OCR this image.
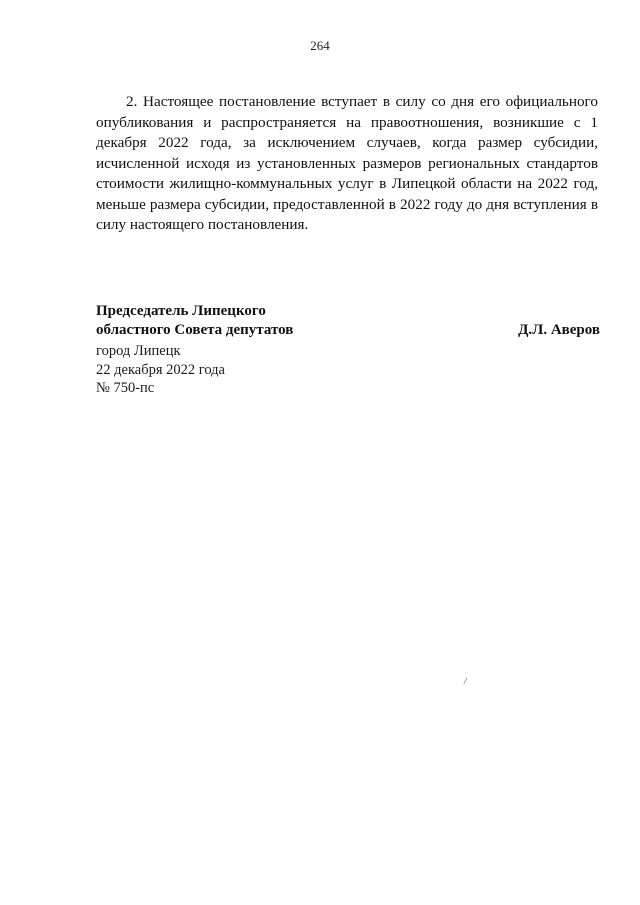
264
2. Настоящее постановление вступает в силу со дня его официального
опубликования и распространяется на правоотношения, возникшие с 1
декабря 2022 года, за исключением случаев, когда размер субсидии,
исчисленной исходя из установленных размеров региональных стандартов
стоимости жилищно-коммунальных услуг в Липецкой области на 2022 год,
меньше размера субсидии, предоставленной в 2022 году до дня вступления в
силу настоящего постановления.
Председатель Липецкого
областного Совета депутатов	Д.Л. Аверов
город Липецк
22 декабря 2022 года
№ 750-пс
/
